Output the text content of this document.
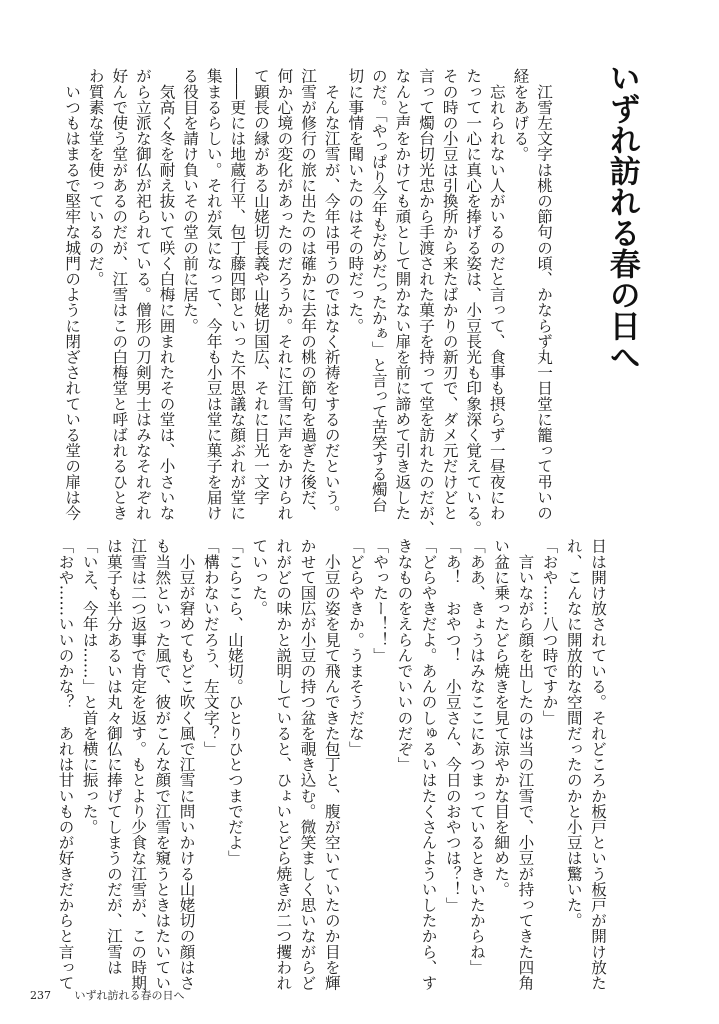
いずれ訪れる春の日へ
　江雪左文字は桃の節句の頃、かならず丸一日堂に籠って弔いの
経をあげる。
　忘れられない人がいるのだと言って、食事も摂らず一昼夜にわ
たって一心に真心を捧げる姿は、小豆長光も印象深く覚えている。
その時の小豆は引換所から来たばかりの新刃で、ダメ元だけどと
言って燭台切光忠から手渡された菓子を持って堂を訪れたのだが、
なんと声をかけても頑として開かない扉を前に諦めて引き返した
のだ。「やっぱり今年もだめだったかぁ」と言って苦笑する燭台
切に事情を聞いたのはその時だった。
　そんな江雪が、今年は弔うのではなく祈祷をするのだという。
江雪が修行の旅に出たのは確かに去年の桃の節句を過ぎた後だ、
何か心境の変化があったのだろうか。それに江雪に声をかけられ
て顕長の縁がある山姥切長義や山姥切国広、それに日光一文字
――更には地蔵行平、包丁藤四郎といった不思議な顔ぶれが堂に
集まるらしい。それが気になって、今年も小豆は堂に菓子を届け
る役目を請け負いその堂の前に居た。
　気高く冬を耐え抜いて咲く白梅に囲まれたその堂は、小さいな
がら立派な御仏が祀られている。僧形の刀剣男士はみなそれぞれ
好んで使う堂があるのだが、江雪はこの白梅堂と呼ばれるひとき
わ質素な堂を使っているのだ。
　いつもはまるで堅牢な城門のように閉ざされている堂の扉は今
日は開け放されている。それどころか板戸という板戸が開け放た
れ、こんなに開放的な空間だったのかと小豆は驚いた。
「おや……八つ時ですか」
　言いながら顔を出したのは当の江雪で、小豆が持ってきた四角
い盆に乗ったどら焼きを見て涼やかな目を細めた。
「ああ、きょうはみなここにあつまっているときいたからね」
「あ！　おやつ！　小豆さん、今日のおやつは？！」
「どらやきだよ。あんのしゅるいはたくさんよういしたから、す
きなものをえらんでいいのだぞ」
「やったー！！」
「どらやきか。うまそうだな」
　小豆の姿を見て飛んできた包丁と、腹が空いていたのか目を輝
かせて国広が小豆の持つ盆を覗き込む。微笑ましく思いながらど
れがどの味かと説明していると、ひょいとどら焼きが二つ攫われ
ていった。
「こらこら、山姥切。ひとりひとつまでだよ」
「構わないだろう、左文字？」
　小豆が窘めてもどこ吹く風で江雪に問いかける山姥切の顔はさ
も当然といった風で、彼がこんな顔で江雪を窺うときはたいてい
江雪は二つ返事で肯定を返す。もとより少食な江雪が、この時期
は菓子も半分あるいは丸々御仏に捧げてしまうのだが、江雪は
「いえ、今年は……」と首を横に振った。
「おや……いいのかな？　あれは甘いものが好きだからと言って
237 いずれ訪れる春の日へ
